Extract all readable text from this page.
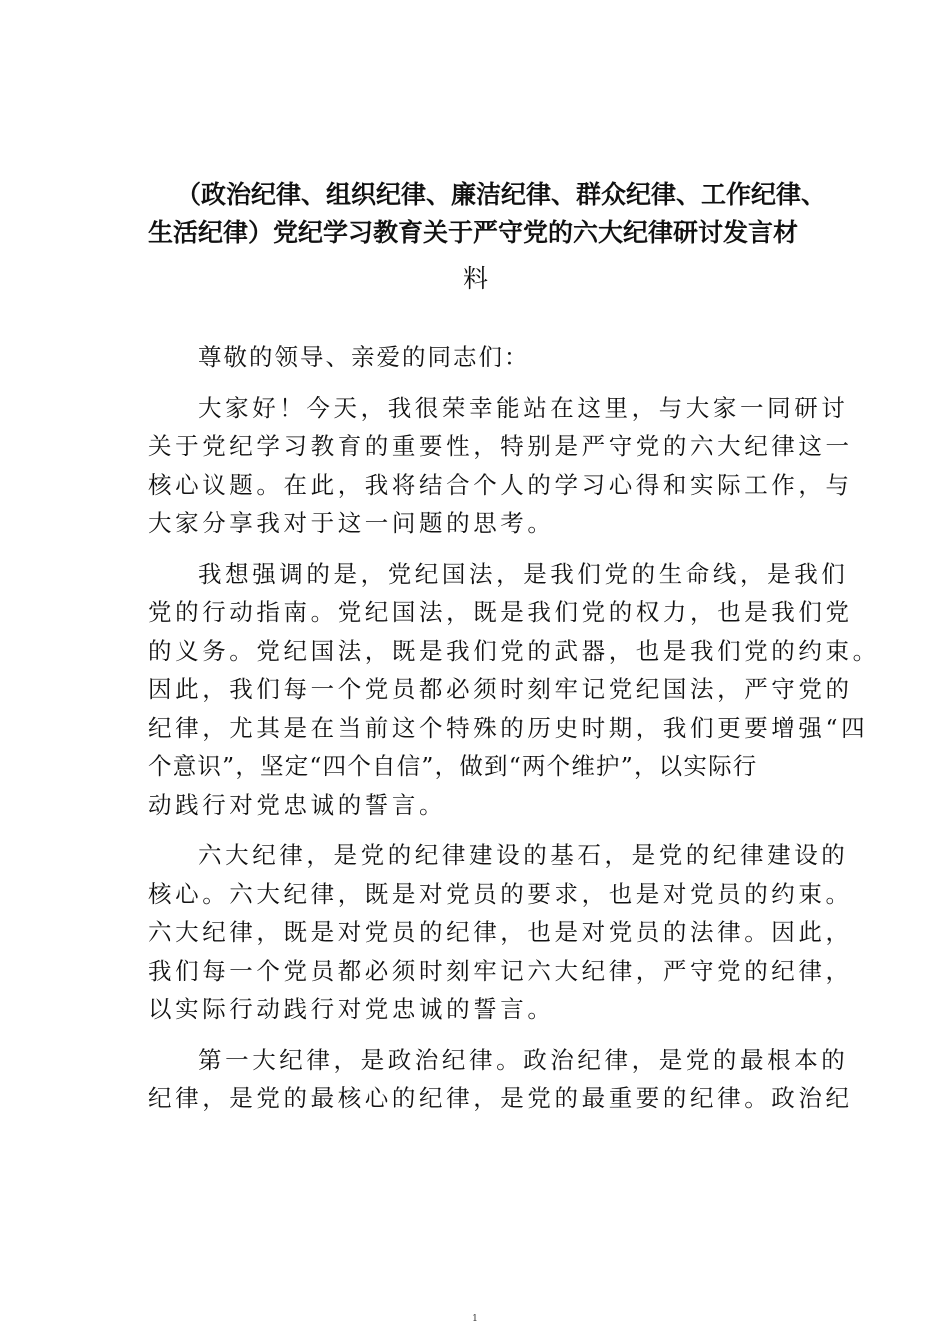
（政治纪律、组织纪律、廉洁纪律、群众纪律、工作纪律、
生活纪律）党纪学习教育关于严守党的六大纪律研讨发言材
料
尊敬的领导、亲爱的同志们：
大家好！今天，我很荣幸能站在这里，与大家一同研讨
关于党纪学习教育的重要性，特别是严守党的六大纪律这一
核心议题。在此，我将结合个人的学习心得和实际工作，与
大家分享我对于这一问题的思考。
我想强调的是，党纪国法，是我们党的生命线，是我们
党的行动指南。党纪国法，既是我们党的权力，也是我们党
的义务。党纪国法，既是我们党的武器，也是我们党的约束。
因此，我们每一个党员都必须时刻牢记党纪国法，严守党的
纪律，尤其是在当前这个特殊的历史时期，我们更要增强“四
个意识”，坚定“四个自信”，做到“两个维护”，以实际行
动践行对党忠诚的誓言。
六大纪律，是党的纪律建设的基石，是党的纪律建设的
核心。六大纪律，既是对党员的要求，也是对党员的约束。
六大纪律，既是对党员的纪律，也是对党员的法律。因此，
我们每一个党员都必须时刻牢记六大纪律，严守党的纪律，
以实际行动践行对党忠诚的誓言。
第一大纪律，是政治纪律。政治纪律，是党的最根本的
纪律，是党的最核心的纪律，是党的最重要的纪律。政治纪
1
